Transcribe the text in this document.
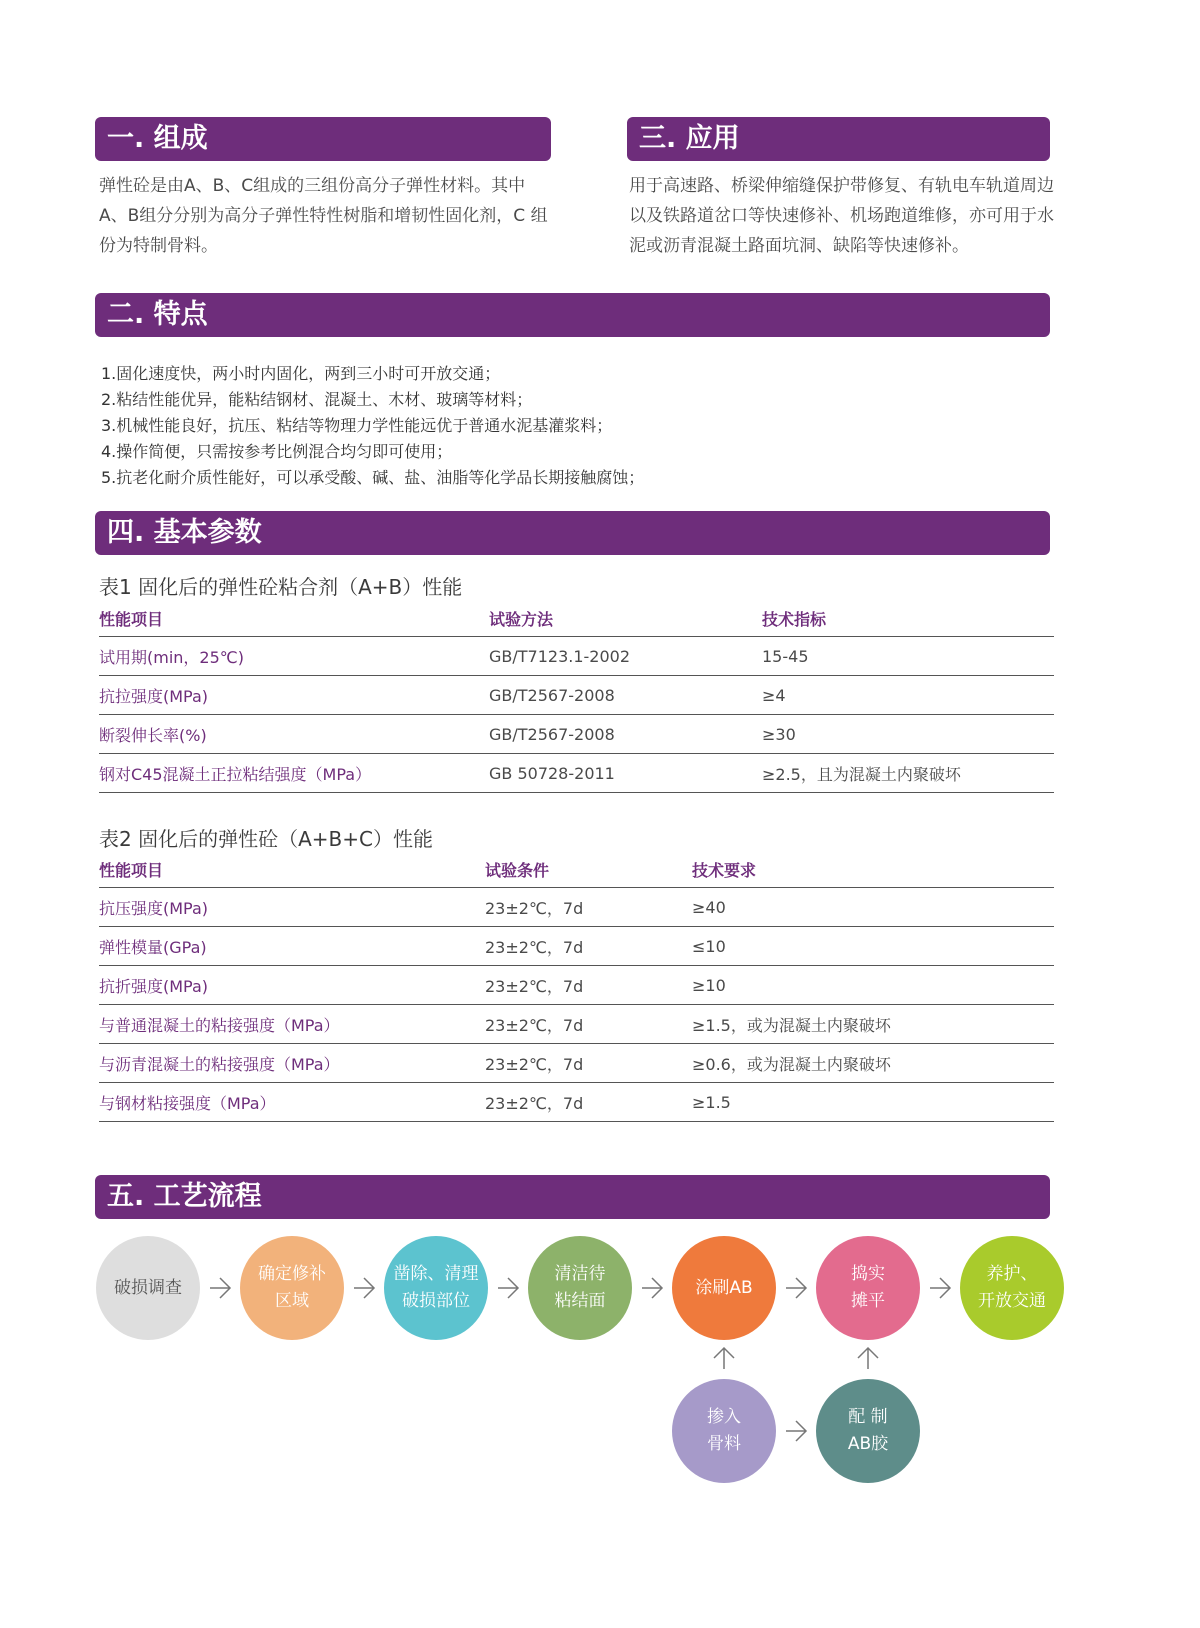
一. 组成
弹性砼是由A、B、C组成的三组份高分子弹性材料。其中
A、B组分分别为高分子弹性特性树脂和增韧性固化剂，C 组
份为特制骨料。
三. 应用
用于高速路、桥梁伸缩缝保护带修复、有轨电车轨道周边
以及铁路道岔口等快速修补、机场跑道维修，亦可用于水
泥或沥青混凝土路面坑洞、缺陷等快速修补。
二. 特点
1.固化速度快，两小时内固化，两到三小时可开放交通；
2.粘结性能优异，能粘结钢材、混凝土、木材、玻璃等材料；
3.机械性能良好，抗压、粘结等物理力学性能远优于普通水泥基灌浆料；
4.操作简便，只需按参考比例混合均匀即可使用；
5.抗老化耐介质性能好，可以承受酸、碱、盐、油脂等化学品长期接触腐蚀；
四. 基本参数
表1 固化后的弹性砼粘合剂（A+B）性能
性能项目	试验方法	技术指标
试用期(min，25℃)	GB/T7123.1-2002	15-45
抗拉强度(MPa)	GB/T2567-2008	≥4
断裂伸长率(%)	GB/T2567-2008	≥30
钢对C45混凝土正拉粘结强度（MPa）	GB 50728-2011	≥2.5，且为混凝土内聚破坏
表2 固化后的弹性砼（A+B+C）性能
性能项目	试验条件	技术要求
抗压强度(MPa)	23±2℃，7d	≥40
弹性模量(GPa)	23±2℃，7d	≤10
抗折强度(MPa)	23±2℃，7d	≥10
与普通混凝土的粘接强度（MPa）	23±2℃，7d	≥1.5，或为混凝土内聚破坏
与沥青混凝土的粘接强度（MPa）	23±2℃，7d	≥0.6，或为混凝土内聚破坏
与钢材粘接强度（MPa）	23±2℃，7d	≥1.5
五. 工艺流程
破损调查
确定修补
区域
凿除、清理
破损部位
清洁待
粘结面
涂刷AB
捣实
摊平
养护、
开放交通
掺入
骨料
配 制
AB胶
